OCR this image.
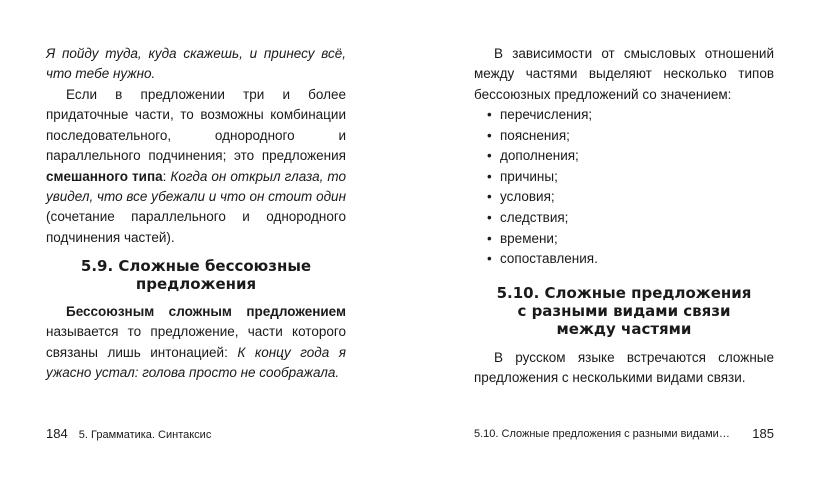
Я пойду туда, куда скажешь, и принесу всё, что тебе нужно.

Если в предложении три и более придаточные части, то возможны комбинации последовательного, однородного и параллельного подчинения; это предложения смешанного типа: Когда он открыл глаза, то увидел, что все убежали и что он стоит один (сочетание параллельного и однородного подчинения частей).

5.9. Сложные бессоюзные

предложения

Бессоюзным сложным предложением называется то предложение, части которого связаны лишь интонацией: К концу года я ужасно устал: голова просто не соображала.

184 5. Грамматика. Синтаксис

В зависимости от смысловых отношений между частями выделяют несколько типов бессоюзных предложений со значением:

• перечисления;
• пояснения;
• дополнения;
• причины;
• условия;
• следствия;
• времени;
• сопоставления.

5.10. Сложные предложения

с разными видами связи

между частями

В русском языке встречаются сложные предложения с несколькими видами связи.

5.10. Сложные предложения с разными видами… 185
